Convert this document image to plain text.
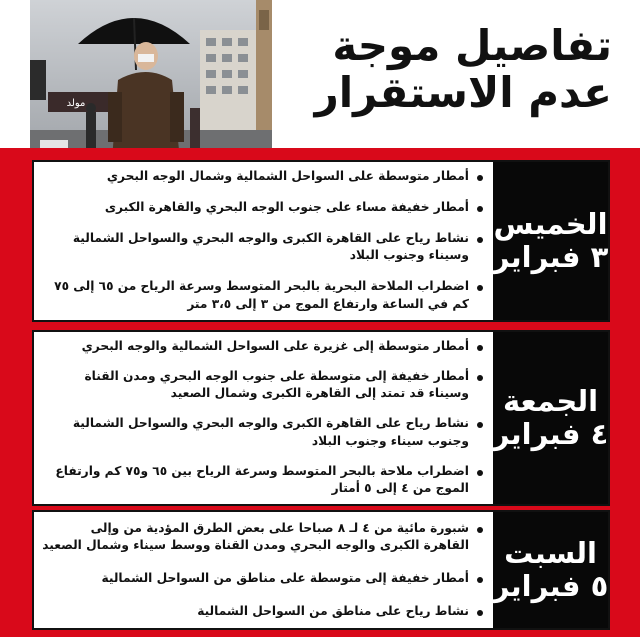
مولد
تفاصيل موجة
عدم الاستقرار
أمطار متوسطة على السواحل الشمالية وشمال الوجه البحري
أمطار خفيفة مساء على جنوب الوجه البحري والقاهرة الكبرى
نشاط رياح على القاهرة الكبرى والوجه البحري والسواحل الشمالية وسيناء وجنوب البلاد
اضطراب الملاحة البحرية بالبحر المتوسط وسرعة الرياح من ٦٥ إلى ٧٥ كم في الساعة وارتفاع الموج من ٣ إلى ٣،٥ متر
الخميس
٣ فبراير
أمطار متوسطة إلى غزيرة على السواحل الشمالية والوجه البحري
أمطار خفيفة إلى متوسطة على جنوب الوجه البحري ومدن القناة وسيناء قد تمتد إلى القاهرة الكبرى وشمال الصعيد
نشاط رياح على القاهرة الكبرى والوجه البحري والسواحل الشمالية وجنوب سيناء وجنوب البلاد
اضطراب ملاحة بالبحر المتوسط وسرعة الرياح بين ٦٥ و٧٥ كم وارتفاع الموج من ٤ إلى ٥ أمتار
الجمعة
٤ فبراير
شبورة مائية من ٤ لـ ٨ صباحا على بعض الطرق المؤدية من وإلى القاهرة الكبرى والوجه البحري ومدن القناة ووسط سيناء وشمال الصعيد
أمطار خفيفة إلى متوسطة على مناطق من السواحل الشمالية
نشاط رياح على مناطق من السواحل الشمالية
السبت
٥ فبراير
